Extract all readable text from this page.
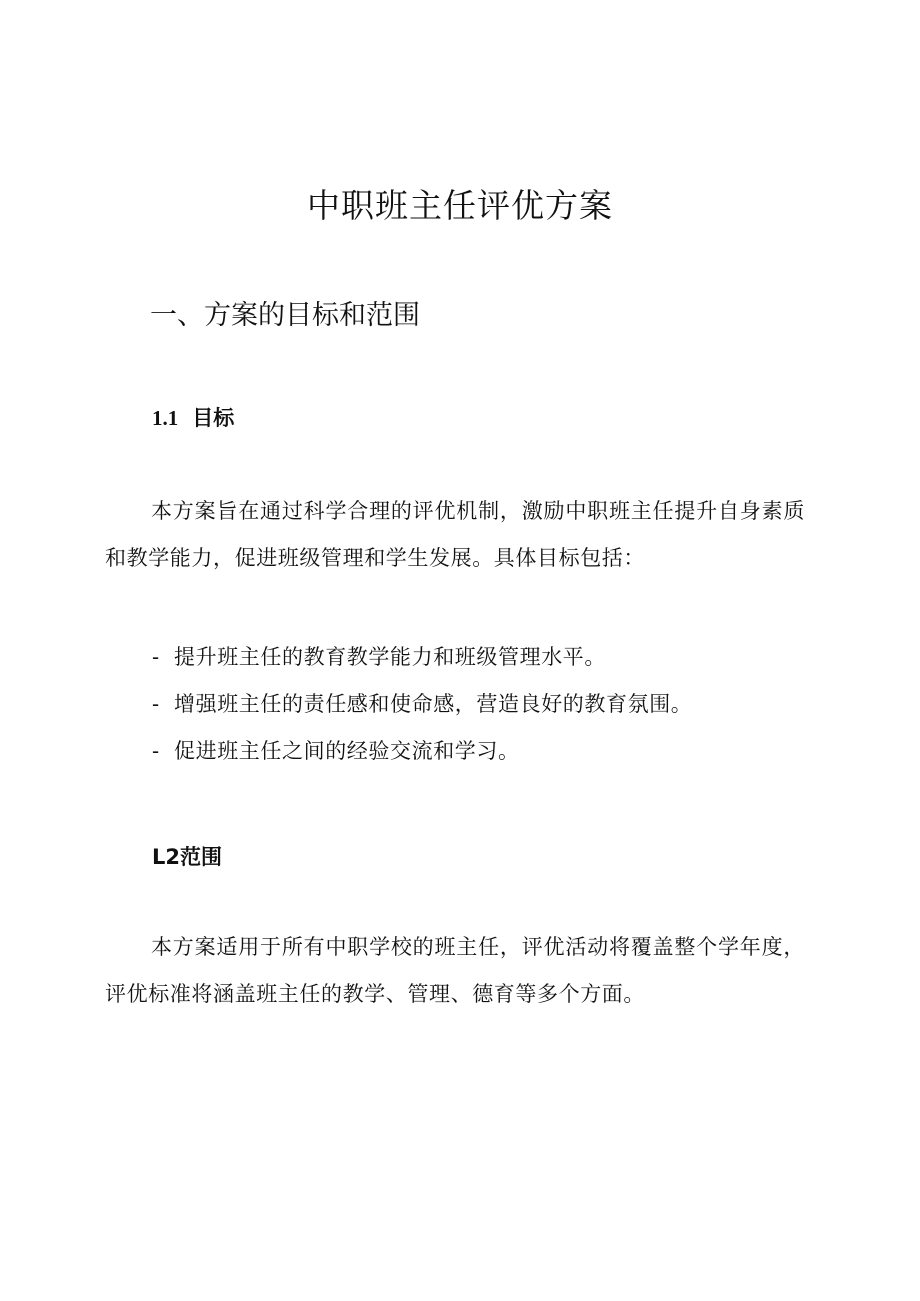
中职班主任评优方案
一、方案的目标和范围
1.1 目标

本方案旨在通过科学合理的评优机制，激励中职班主任提升自身素质和教学能力，促进班级管理和学生发展。具体目标包括：

- 提升班主任的教育教学能力和班级管理水平。
- 增强班主任的责任感和使命感，营造良好的教育氛围。
- 促进班主任之间的经验交流和学习。
L2范围

本方案适用于所有中职学校的班主任，评优活动将覆盖整个学年度，评优标准将涵盖班主任的教学、管理、德育等多个方面。
